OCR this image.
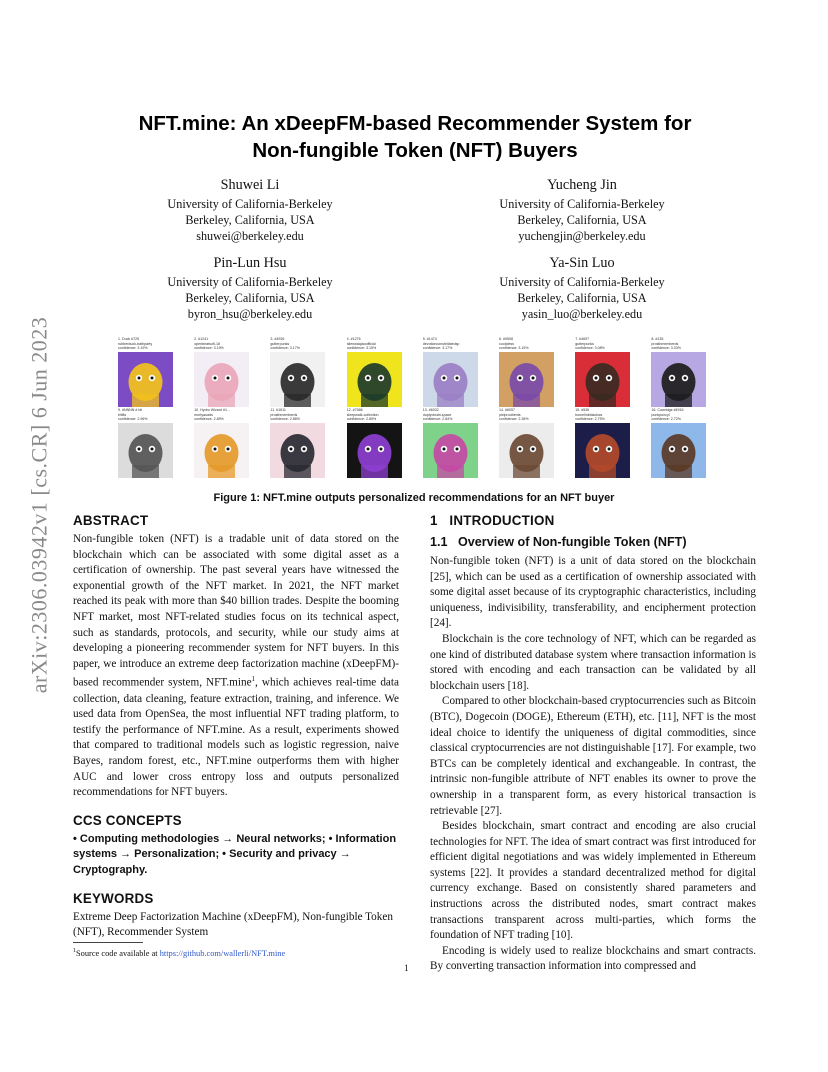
arXiv:2306.03942v1 [cs.CR] 6 Jun 2023
NFT.mine: An xDeepFM-based Recommender System for
Non-fungible Token (NFT) Buyers
Shuwei Li
University of California-Berkeley
Berkeley, California, USA
shuwei@berkeley.edu
Yucheng Jin
University of California-Berkeley
Berkeley, California, USA
yuchengjin@berkeley.edu
Pin-Lun Hsu
University of California-Berkeley
Berkeley, California, USA
byron_hsu@berkeley.edu
Ya-Sin Luo
University of California-Berkeley
Berkeley, California, USA
yasin_luo@berkeley.edu
1. Duck #725
rubberduck-bathparty
confidence: 3.19%
2. #1241
openbeatsofl-18
confidence: 3.19%
3. #4926
gutterpunks
confidence: 3.17%
4. #1276
alienwaqiaoofficial
confidence: 3.15%
5. #1474
devotionconstellatedsp
confidence: 3.17%
6. #9508
coolpless
confidence: 3.15%
7. #4697
gutterpunks
confidence: 3.08%
8. #135
prosthmemberds
confidence: 3.03%
9. #NNNN # bit
bitlits
confidence: 2.96%
10. Hydro Wizard #1...
mortyauads
confidence: 2.89%
11. #1611
prosthmemberds
confidence: 2.88%
12. #7586
sleepwalk-collection
confidence: 2.85%
13. #6032
duptydoubt-space
confidence: 2.84%
14. #6057
pixlprooberds
confidence: 2.38%
15. #536
boomlinkblackics
confidence: 2.75%
16. Cowridge #4916
punkpuncyl
confidence: 2.72%
Figure 1: NFT.mine outputs personalized recommendations for an NFT buyer
ABSTRACT

Non-fungible token (NFT) is a tradable unit of data stored on the blockchain which can be associated with some digital asset as a certification of ownership. The past several years have witnessed the exponential growth of the NFT market. In 2021, the NFT market reached its peak with more than $40 billion trades. Despite the booming NFT market, most NFT-related studies focus on its technical aspect, such as standards, protocols, and security, while our study aims at developing a pioneering recommender system for NFT buyers. In this paper, we introduce an extreme deep factorization machine (xDeepFM)-based recommender system, NFT.mine$^1$, which achieves real-time data collection, data cleaning, feature extraction, training, and inference. We used data from OpenSea, the most influential NFT trading platform, to testify the performance of NFT.mine. As a result, experiments showed that compared to traditional models such as logistic regression, naive Bayes, random forest, etc., NFT.mine outperforms them with higher AUC and lower cross entropy loss and outputs personalized recommendations for NFT buyers.

CCS CONCEPTS

• Computing methodologies → Neural networks; • Information systems → Personalization; • Security and privacy → Cryptography.

KEYWORDS

Extreme Deep Factorization Machine (xDeepFM), Non-fungible Token (NFT), Recommender System

$^1$Source code available at https://github.com/wallerli/NFT.mine
1   INTRODUCTION
1.1   Overview of Non-fungible Token (NFT)

Non-fungible token (NFT) is a unit of data stored on the blockchain [25], which can be used as a certification of ownership associated with some digital asset because of its cryptographic characteristics, including uniqueness, indivisibility, transferability, and encipherment protection [24].

Blockchain is the core technology of NFT, which can be regarded as one kind of distributed database system where transaction information is stored with encoding and each transaction can be validated by all blockchain users [18].

Compared to other blockchain-based cryptocurrencies such as Bitcoin (BTC), Dogecoin (DOGE), Ethereum (ETH), etc. [11], NFT is the most ideal choice to identify the uniqueness of digital commodities, since classical cryptocurrencies are not distinguishable [17]. For example, two BTCs can be completely identical and exchangeable. In contrast, the intrinsic non-fungible attribute of NFT enables its owner to prove the ownership in a transparent form, as every historical transaction is retrievable [27].

Besides blockchain, smart contract and encoding are also crucial technologies for NFT. The idea of smart contract was first introduced for efficient digital negotiations and was widely implemented in Ethereum systems [22]. It provides a standard decentralized method for digital currency exchange. Based on consistently shared parameters and instructions across the distributed nodes, smart contract makes transactions transparent across multi-parties, which forms the foundation of NFT trading [10].

Encoding is widely used to realize blockchains and smart contracts. By converting transaction information into compressed and

1
